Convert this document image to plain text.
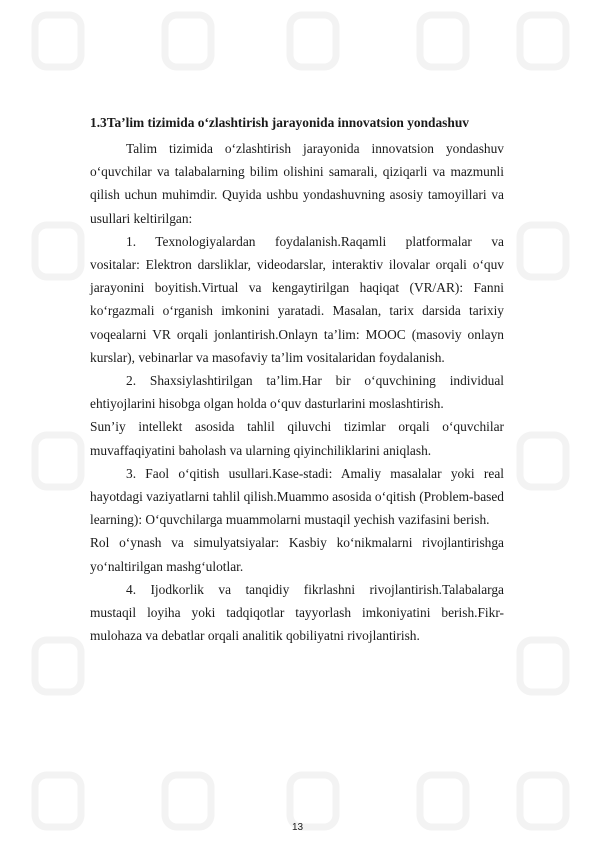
1.3Ta’lim tizimida o‘zlashtirish jarayonida innovatsion yondashuv

Talim tizimida o‘zlashtirish jarayonida innovatsion yondashuv o‘quvchilar va talabalarning bilim olishini samarali, qiziqarli va mazmunli qilish uchun muhimdir. Quyida ushbu yondashuvning asosiy tamoyillari va usullari keltirilgan:

1. Texnologiyalardan foydalanish.Raqamli platformalar va

vositalar: Elektron darsliklar, videodarslar, interaktiv ilovalar orqali o‘quv jarayonini boyitish.Virtual va kengaytirilgan haqiqat (VR/AR): Fanni ko‘rgazmali o‘rganish imkonini yaratadi. Masalan, tarix darsida tarixiy voqealarni VR orqali jonlantirish.Onlayn ta’lim: MOOC (masoviy onlayn kurslar), vebinarlar va masofaviy ta’lim vositalaridan foydalanish.

2. Shaxsiylashtirilgan ta’lim.Har bir o‘quvchining individual ehtiyojlarini hisobga olgan holda o‘quv dasturlarini moslashtirish.

Sun’iy intellekt asosida tahlil qiluvchi tizimlar orqali o‘quvchilar muvaffaqiyatini baholash va ularning qiyinchiliklarini aniqlash.

3. Faol o‘qitish usullari.Kase-stadi: Amaliy masalalar yoki real hayotdagi vaziyatlarni tahlil qilish.Muammo asosida o‘qitish (Problem-based learning): O‘quvchilarga muammolarni mustaqil yechish vazifasini berish.

Rol o‘ynash va simulyatsiyalar: Kasbiy ko‘nikmalarni rivojlantirishga yo‘naltirilgan mashg‘ulotlar.

4. Ijodkorlik va tanqidiy fikrlashni rivojlantirish.Talabalarga

mustaqil loyiha yoki tadqiqotlar tayyorlash imkoniyatini berish.Fikr-mulohaza va debatlar orqali analitik qobiliyatni rivojlantirish.

13
